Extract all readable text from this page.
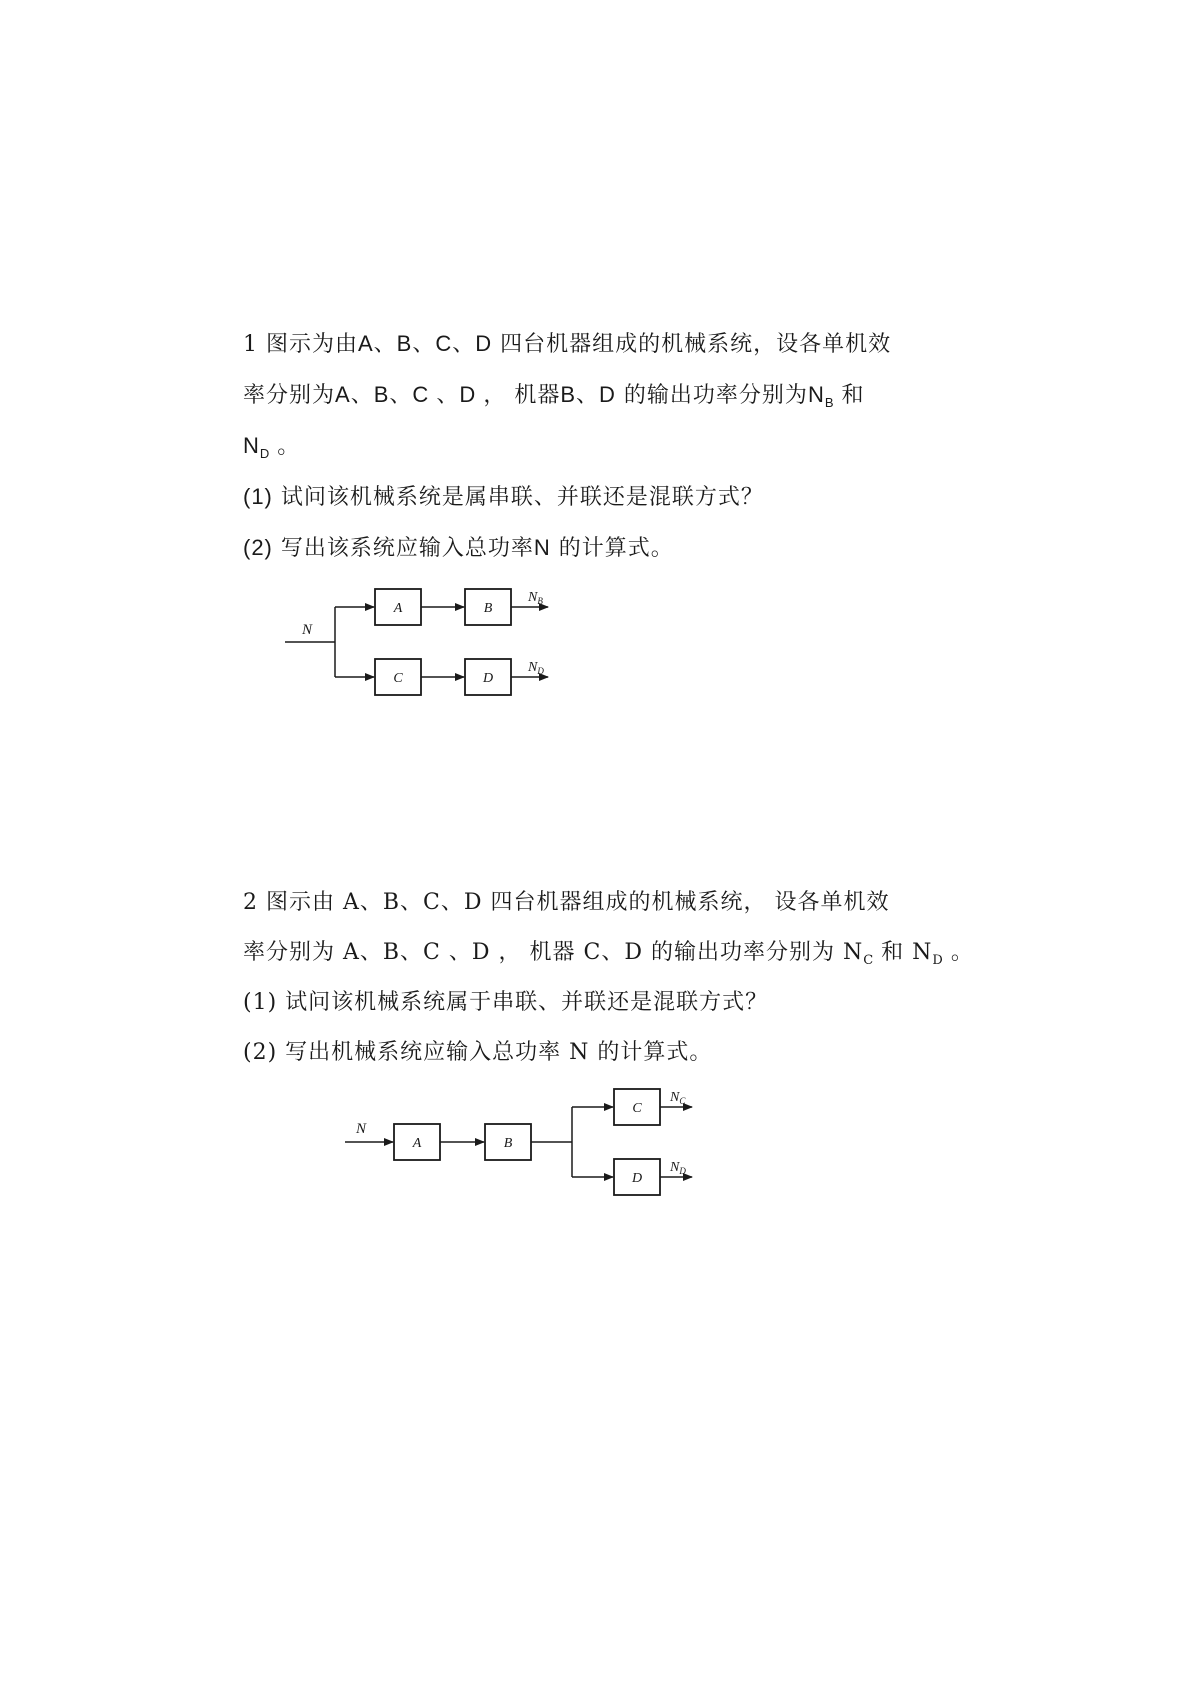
1 图示为由A、B、C、D 四台机器组成的机械系统，设各单机效
率分别为A、B、C 、D ， 机器B、D 的输出功率分别为$N_B$ 和
$N_D$ 。
(1) 试问该机械系统是属串联、并联还是混联方式？
(2) 写出该系统应输入总功率N 的计算式。
N
A	B
$N_B$
C	D
$N_D$
2 图示由 A、B、C、D 四台机器组成的机械系统， 设各单机效
率分别为 A、B、C 、D ， 机器 C、D 的输出功率分别为 $N_C$ 和 $N_D$ 。
(1) 试问该机械系统属于串联、并联还是混联方式？
(2) 写出机械系统应输入总功率 N 的计算式。
N
A	B
C
$N_C$
D
$N_D$
